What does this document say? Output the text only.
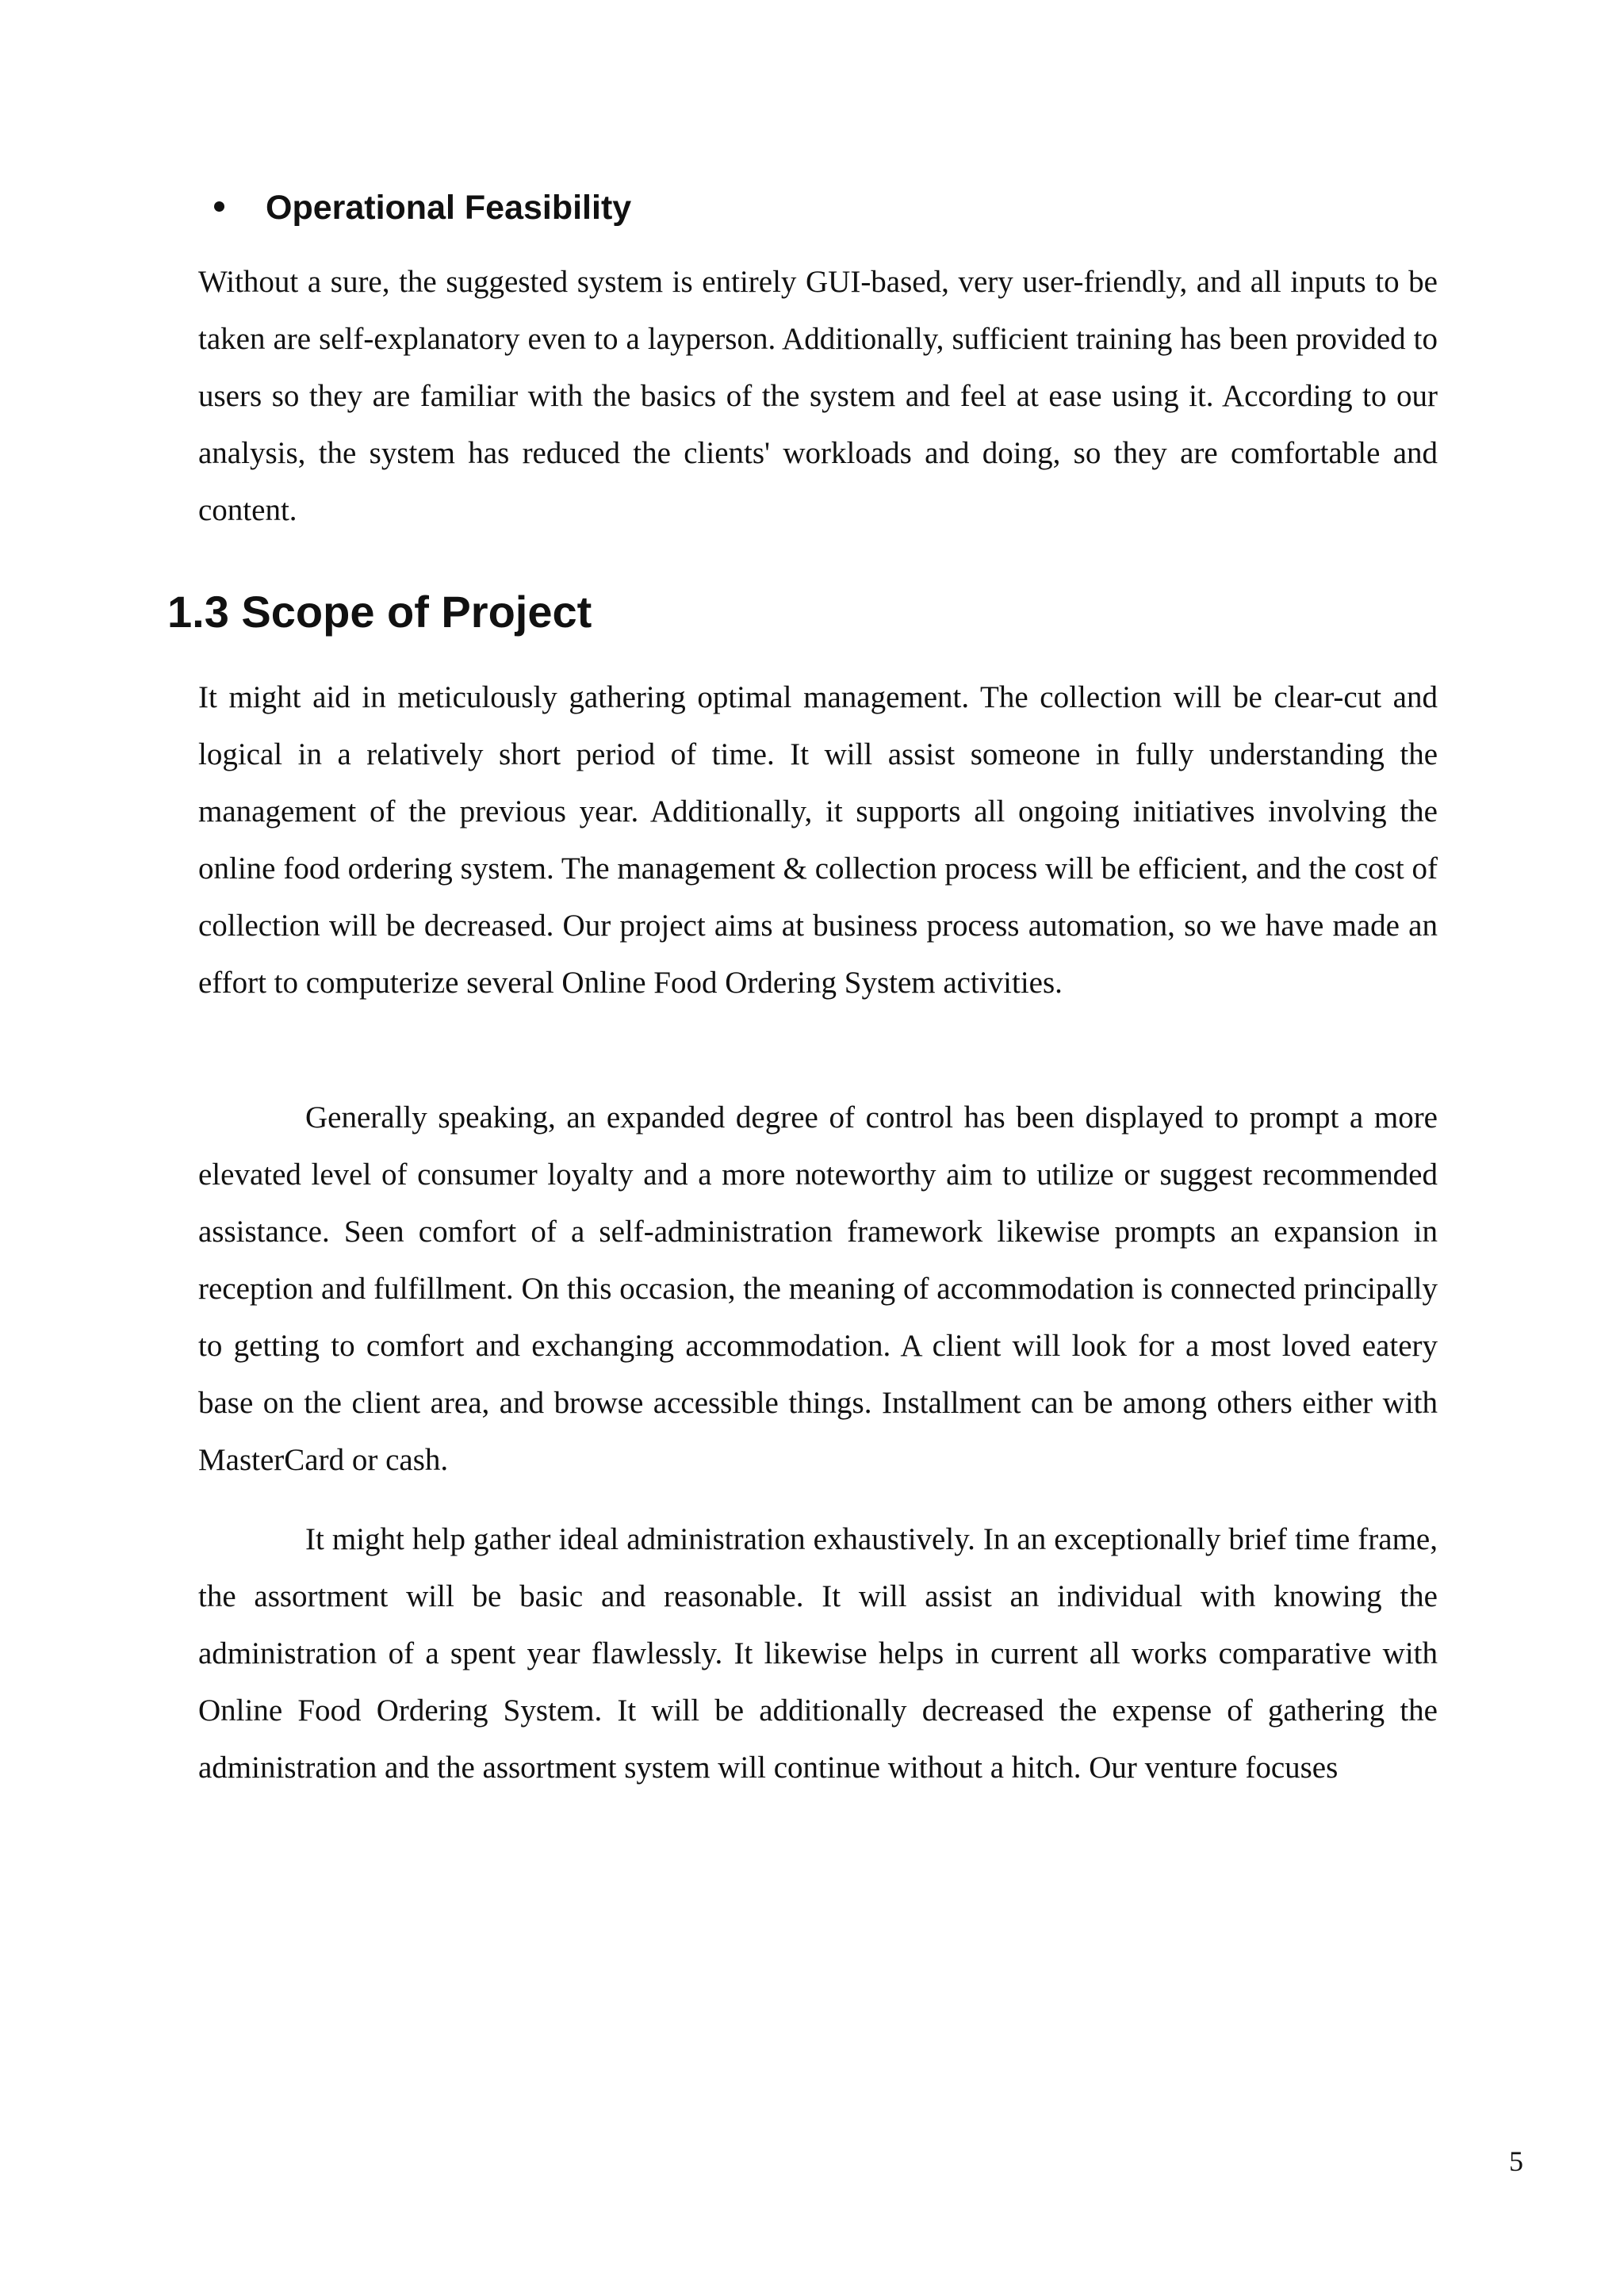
Operational Feasibility

Without a sure, the suggested system is entirely GUI-based, very user-friendly, and all inputs to be taken are self-explanatory even to a layperson. Additionally, sufficient training has been provided to users so they are familiar with the basics of the system and feel at ease using it. According to our analysis, the system has reduced the clients' workloads and doing, so they are comfortable and content.

1.3 Scope of Project

It might aid in meticulously gathering optimal management. The collection will be clear-cut and logical in a relatively short period of time. It will assist someone in fully understanding the management of the previous year. Additionally, it supports all ongoing initiatives involving the online food ordering system. The management & collection process will be efficient, and the cost of collection will be decreased. Our project aims at business process automation, so we have made an effort to computerize several Online Food Ordering System activities.

Generally speaking, an expanded degree of control has been displayed to prompt a more elevated level of consumer loyalty and a more noteworthy aim to utilize or suggest recommended assistance. Seen comfort of a self-administration framework likewise prompts an expansion in reception and fulfillment. On this occasion, the meaning of accommodation is connected principally to getting to comfort and exchanging accommodation. A client will look for a most loved eatery base on the client area, and browse accessible things. Installment can be among others either with MasterCard or cash.

It might help gather ideal administration exhaustively. In an exceptionally brief time frame, the assortment will be basic and reasonable. It will assist an individual with knowing the administration of a spent year flawlessly. It likewise helps in current all works comparative with Online Food Ordering System. It will be additionally decreased the expense of gathering the administration and the assortment system will continue without a hitch. Our venture focuses

5
